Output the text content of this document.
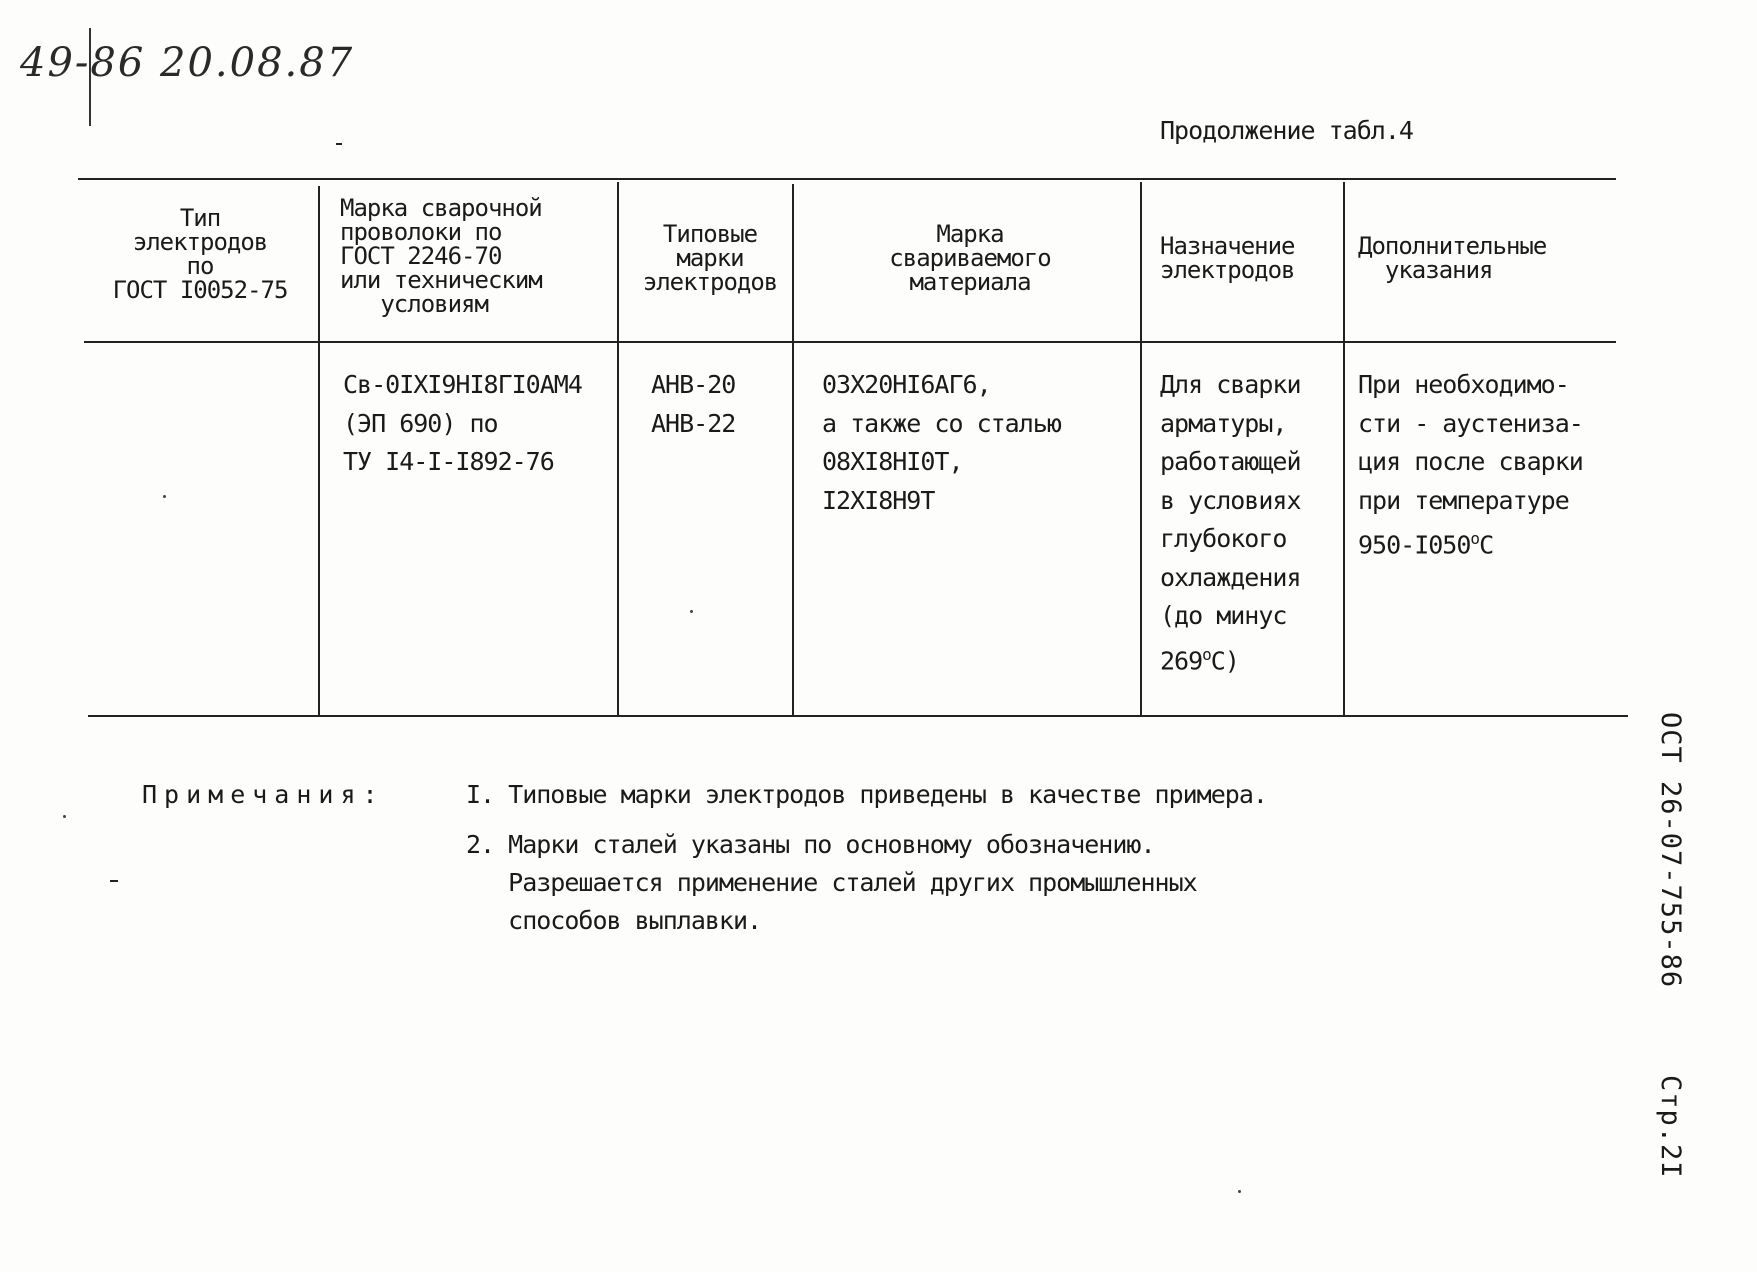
49-86 20.08.87
Продолжение табл.4
Тип
электродов
по
ГОСТ I0052-75
Марка сварочной
проволоки по
ГОСТ 2246-70
или техническим
условиям
Типовые
марки
электродов
Марка
свариваемого
материала
Назначение
электродов
Дополнительные
указания
Св-0IXI9HI8ГI0АМ4
(ЭП 690) по
ТУ I4-I-I892-76
АНВ-20
АНВ-22
03X20HI6АГ6,
а также со сталью
08XI8HI0T,
I2XI8H9T
Для сварки
арматуры,
работающей
в условиях
глубокого
охлаждения
(до минус
$269^оС$)
При необходимо-
сти - аустениза-
ция после сварки
при температуре
$950-I050^оС$
Примечания:	I. Типовые марки электродов приведены в качестве примера.
2. Марки сталей указаны по основному обозначению.
Разрешается применение сталей других промышленных
способов выплавки.	ОСТ 26-07-755-86
Стр.2I
